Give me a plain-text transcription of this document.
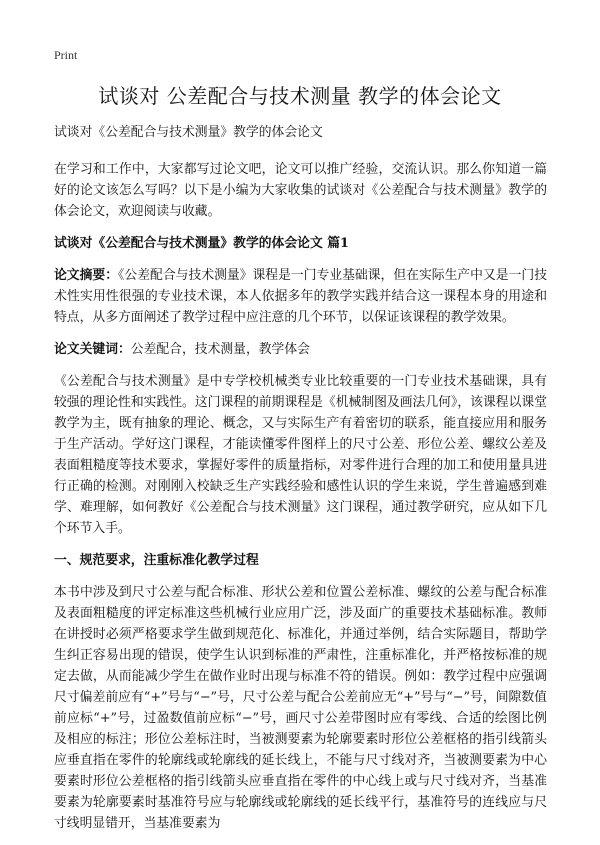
Print
试谈对 公差配合与技术测量 教学的体会论文

试谈对《公差配合与技术测量》教学的体会论文

在学习和工作中，大家都写过论文吧，论文可以推广经验，交流认识。那么你知道一篇好的论文该怎么写吗？以下是小编为大家收集的试谈对《公差配合与技术测量》教学的体会论文，欢迎阅读与收藏。

试谈对《公差配合与技术测量》教学的体会论文 篇1

论文摘要：《公差配合与技术测量》课程是一门专业基础课，但在实际生产中又是一门技术性实用性很强的专业技术课，本人依据多年的教学实践并结合这一课程本身的用途和特点，从多方面阐述了教学过程中应注意的几个环节，以保证该课程的教学效果。

论文关键词：公差配合，技术测量，教学体会

《公差配合与技术测量》是中专学校机械类专业比较重要的一门专业技术基础课，具有较强的理论性和实践性。这门课程的前期课程是《机械制图及画法几何》，该课程以课堂教学为主，既有抽象的理论、概念，又与实际生产有着密切的联系，能直接应用和服务于生产活动。学好这门课程，才能读懂零件图样上的尺寸公差、形位公差、螺纹公差及表面粗糙度等技术要求，掌握好零件的质量指标，对零件进行合理的加工和使用量具进行正确的检测。对刚刚入校缺乏生产实践经验和感性认识的学生来说，学生普遍感到难学、难理解，如何教好《公差配合与技术测量》这门课程，通过教学研究，应从如下几个环节入手。

一、规范要求，注重标准化教学过程

本书中涉及到尺寸公差与配合标准、形状公差和位置公差标准、螺纹的公差与配合标准及表面粗糙度的评定标准这些机械行业应用广泛，涉及面广的重要技术基础标准。教师在讲授时必须严格要求学生做到规范化、标准化，并通过举例，结合实际题目，帮助学生纠正容易出现的错误，使学生认识到标准的严肃性，注重标准化，并严格按标准的规定去做，从而能减少学生在做作业时出现与标准不符的错误。例如：教学过程中应强调尺寸偏差前应有“+”号与“−”号，尺寸公差与配合公差前应无“+”号与“−”号，间隙数值前应标“+”号，过盈数值前应标“−”号，画尺寸公差带图时应有零线、合适的绘图比例及相应的标注；形位公差标注时，当被测要素为轮廓要素时形位公差框格的指引线箭头应垂直指在零件的轮廓线或轮廓线的延长线上，不能与尺寸线对齐，当被测要素为中心要素时形位公差框格的指引线箭头应垂直指在零件的中心线上或与尺寸线对齐，当基准要素为轮廓要素时基准符号应与轮廓线或轮廓线的延长线平行，基准符号的连线应与尺寸线明显错开，当基准要素为
